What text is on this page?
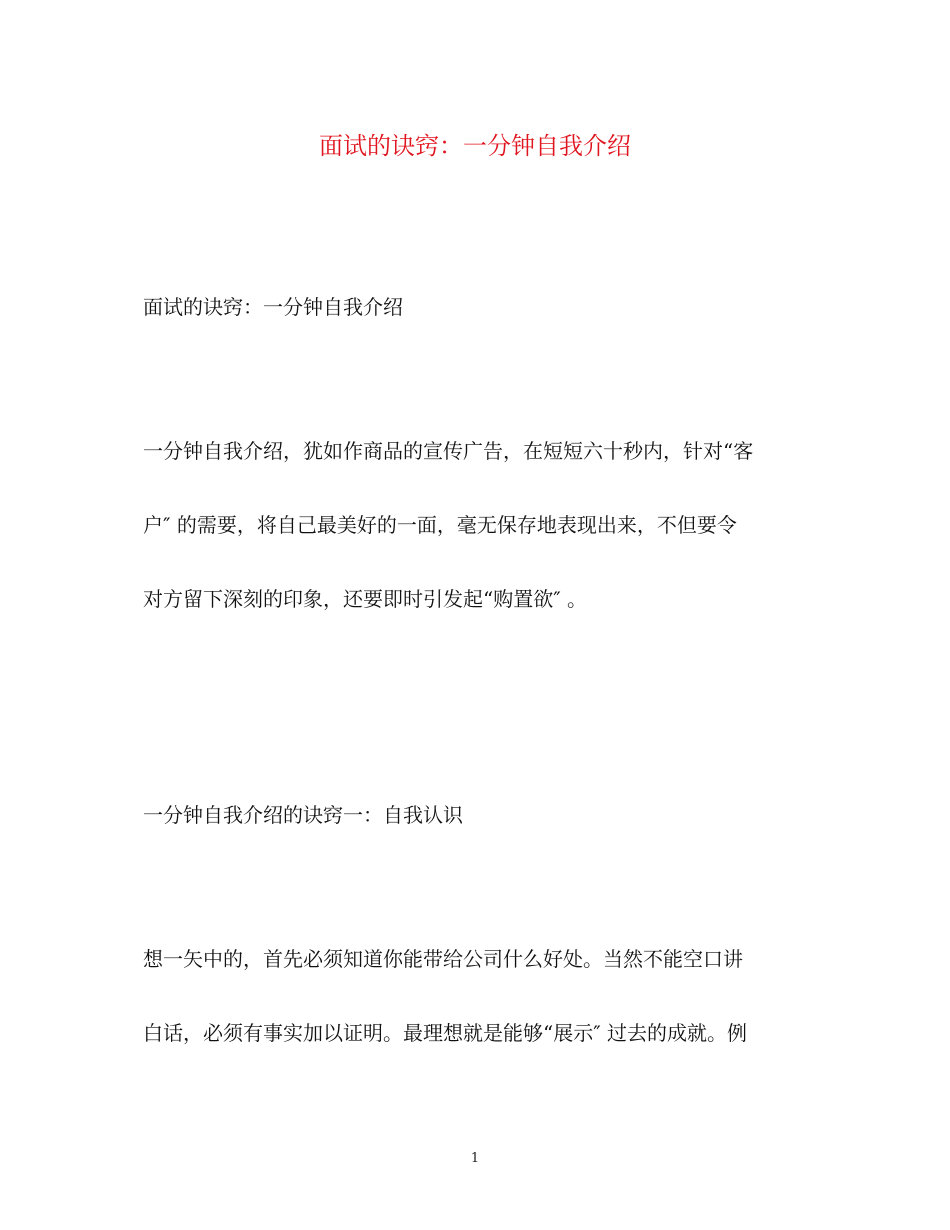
面试的诀窍：一分钟自我介绍
面试的诀窍：一分钟自我介绍
一分钟自我介绍，犹如作商品的宣传广告，在短短六十秒内，针对“客
户″ 的需要，将自己最美好的一面，毫无保存地表现出来，不但要令
对方留下深刻的印象，还要即时引发起“购置欲″ 。
一分钟自我介绍的诀窍一：自我认识
想一矢中的，首先必须知道你能带给公司什么好处。当然不能空口讲
白话，必须有事实加以证明。最理想就是能够“展示″ 过去的成就。例
1
